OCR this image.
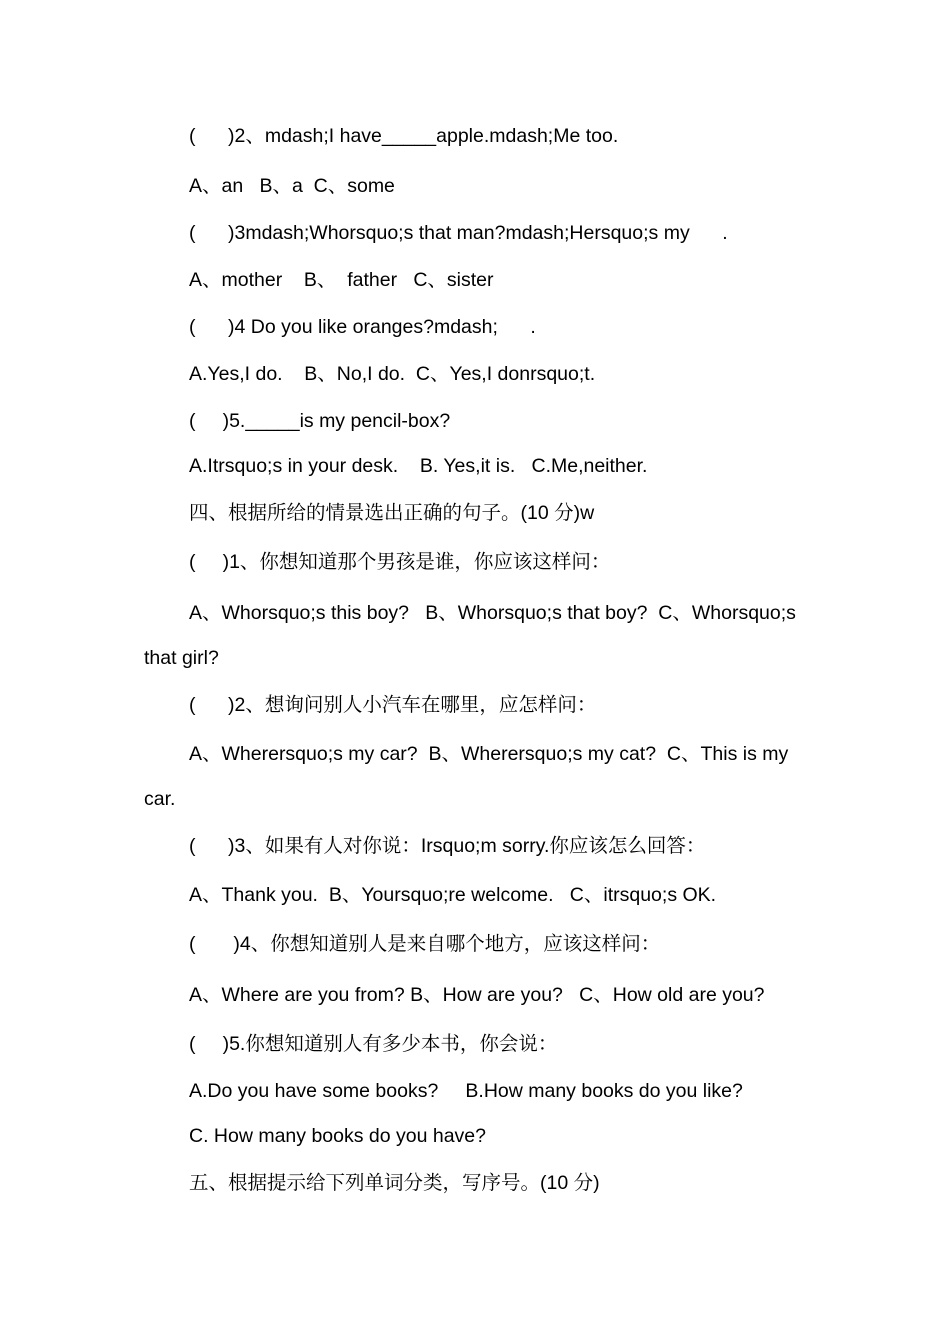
(      )2、mdash;I have_____apple.mdash;Me too.

A、an   B、a  C、some

(      )3mdash;Whorsquo;s that man?mdash;Hersquo;s my      .

A、mother    B、  father   C、sister

(      )4 Do you like oranges?mdash;      .

A.Yes,I do.    B、No,I do.  C、Yes,I donrsquo;t.

(     )5._____is my pencil-box?

A.Itrsquo;s in your desk.    B. Yes,it is.   C.Me,neither.

四、根据所给的情景选出正确的句子。(10 分)w

(     )1、你想知道那个男孩是谁，你应该这样问：

A、Whorsquo;s this boy?   B、Whorsquo;s that boy?  C、Whorsquo;s

that girl?

(      )2、想询问别人小汽车在哪里，应怎样问：

A、Wherersquo;s my car?  B、Wherersquo;s my cat?  C、This is my

car.

(      )3、如果有人对你说：Irsquo;m sorry.你应该怎么回答：

A、Thank you.  B、Yoursquo;re welcome.   C、itrsquo;s OK.

(       )4、你想知道别人是来自哪个地方，应该这样问：

A、Where are you from? B、How are you?   C、How old are you?

(     )5.你想知道别人有多少本书，你会说：

A.Do you have some books?     B.How many books do you like?

C. How many books do you have?

五、根据提示给下列单词分类，写序号。(10 分)
